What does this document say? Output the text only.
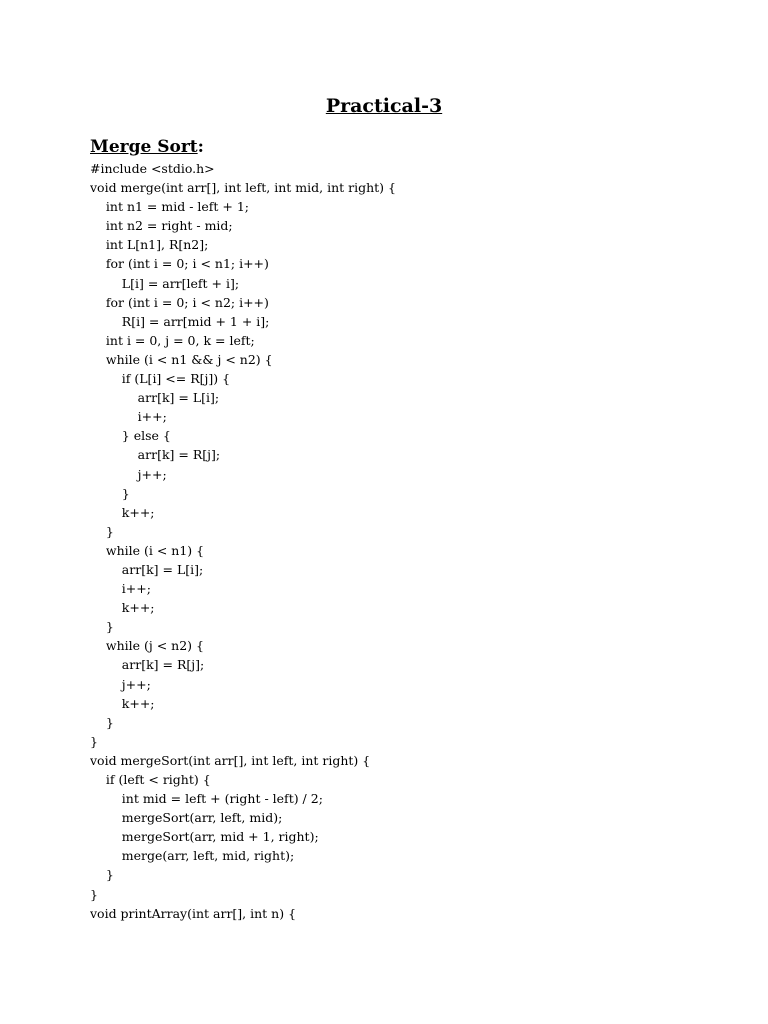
Practical-3
Merge Sort:
#include <stdio.h>
void merge(int arr[], int left, int mid, int right) {
int n1 = mid - left + 1;
int n2 = right - mid;
int L[n1], R[n2];
for (int i = 0; i < n1; i++)
L[i] = arr[left + i];
for (int i = 0; i < n2; i++)
R[i] = arr[mid + 1 + i];
int i = 0, j = 0, k = left;
while (i < n1 && j < n2) {
if (L[i] <= R[j]) {
arr[k] = L[i];
i++;
} else {
arr[k] = R[j];
j++;
}
k++;
}
while (i < n1) {
arr[k] = L[i];
i++;
k++;
}
while (j < n2) {
arr[k] = R[j];
j++;
k++;
}
}
void mergeSort(int arr[], int left, int right) {
if (left < right) {
int mid = left + (right - left) / 2;
mergeSort(arr, left, mid);
mergeSort(arr, mid + 1, right);
merge(arr, left, mid, right);
}
}
void printArray(int arr[], int n) {
